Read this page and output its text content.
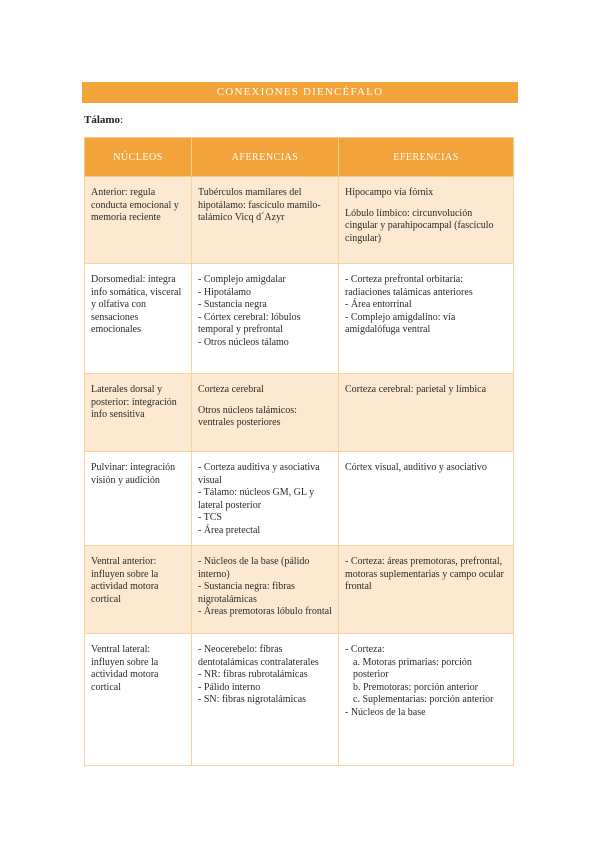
CONEXIONES DIENCÉFALO
Tálamo:
NÚCLEOS	AFERENCIAS	EFERENCIAS
Anterior: regula conducta emocional y memoria reciente	Tubérculos mamilares del hipotálamo: fascículo mamilo-talámico Vicq d´Azyr	Hipocampo vía fórnix
Lóbulo límbico: circunvolución cingular y parahipocampal (fascículo cingular)

Dorsomedial: integra info somática, visceral y olfativa con sensaciones emocionales	- Complejo amigdalar
- Hipotálamo
- Sustancia negra
- Córtex cerebral: lóbulos temporal y prefrontal
- Otros núcleos tálamo	- Corteza prefrontal orbitaria: radiaciones talámicas anteriores
- Área entorrinal
- Complejo amigdalino: vía amigdalófuga ventral

Laterales dorsal y posterior: integración info sensitiva	Corteza cerebral
Otros núcleos talámicos: ventrales posteriores	Corteza cerebral: parietal y límbica

Pulvinar: integración visión y audición	- Corteza auditiva y asociativa visual
- Tálamo: núcleos GM, GL y lateral posterior
- TCS
- Área pretectal	Córtex visual, auditivo y asociativo

Ventral anterior: influyen sobre la actividad motora cortical	- Núcleos de la base (pálido interno)
- Sustancia negra: fibras nigrotalámicas
- Áreas premotoras lóbulo frontal	- Corteza: áreas premotoras, prefrontal, motoras suplementarias y campo ocular frontal

Ventral lateral: influyen sobre la actividad motora cortical	- Neocerebelo: fibras dentotalámicas contralaterales
- NR: fibras rubrotalámicas
- Pálido interno
- SN: fibras nigrotalámicas	- Corteza:
a. Motoras primarias: porción posterior
b. Premotoras: porción anterior
c. Suplementarias: porción anterior
- Núcleos de la base
